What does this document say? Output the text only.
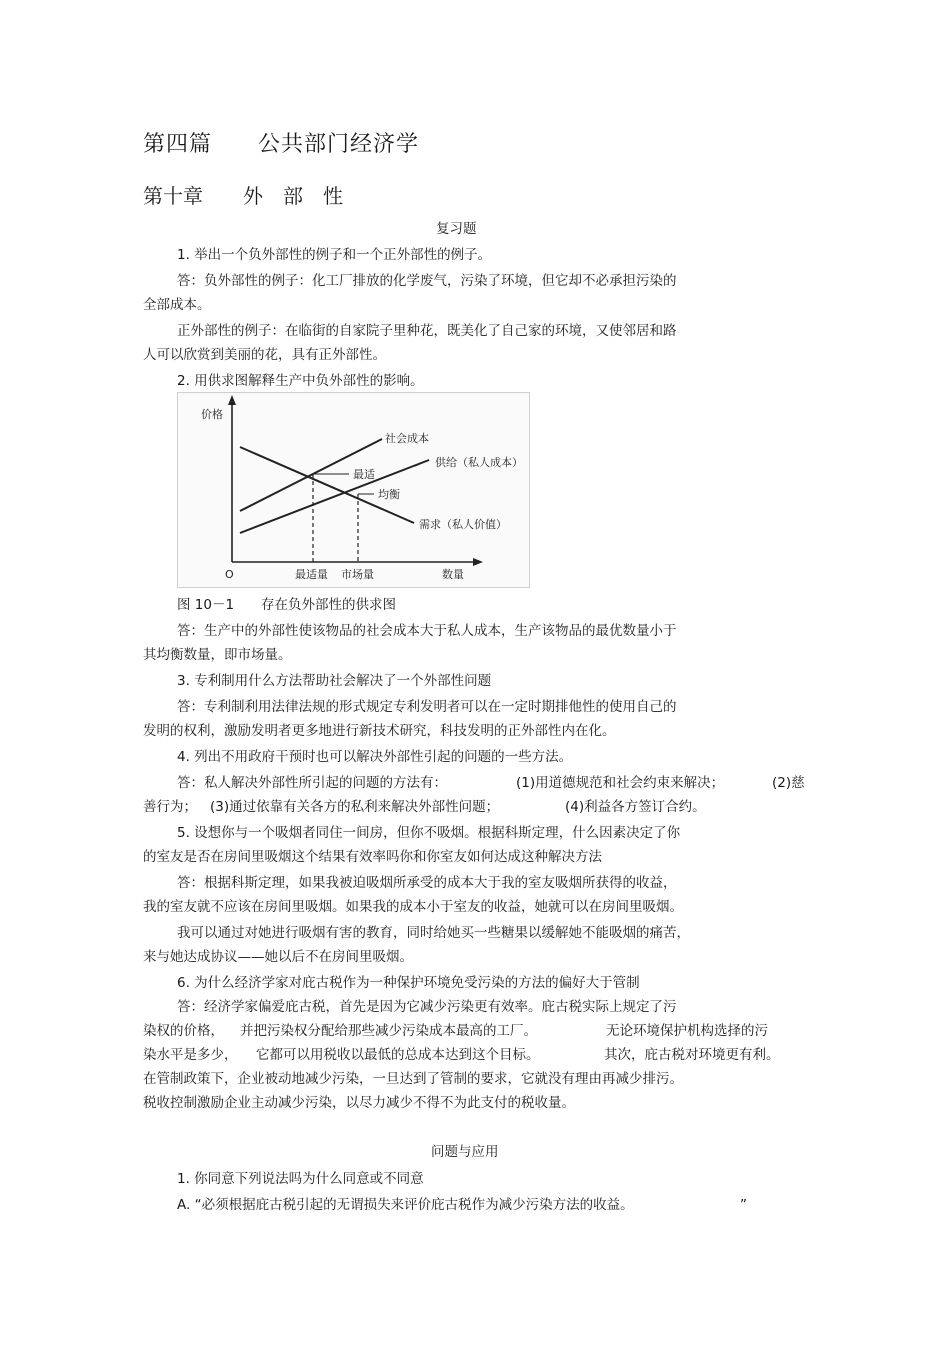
第四篇　　公共部门经济学
第十章　　外　部　性
复习题
1. 举出一个负外部性的例子和一个正外部性的例子。
答：负外部性的例子：化工厂排放的化学废气，污染了环境，但它却不必承担污染的
全部成本。
正外部性的例子：在临街的自家院子里种花，既美化了自己家的环境，又使邻居和路
人可以欣赏到美丽的花，具有正外部性。
2. 用供求图解释生产中负外部性的影响。
价格
O	数量
社会成本
供给（私人成本）
需求（私人价值）
最适
均衡
最适量 市场量
图 10－1　　存在负外部性的供求图
答：生产中的外部性使该物品的社会成本大于私人成本，生产该物品的最优数量小于
其均衡数量，即市场量。
3. 专利制用什么方法帮助社会解决了一个外部性问题
答：专利制利用法律法规的形式规定专利发明者可以在一定时期排他性的使用自己的
发明的权利，激励发明者更多地进行新技术研究，科技发明的正外部性内在化。
4. 列出不用政府干预时也可以解决外部性引起的问题的一些方法。
答：私人解决外部性所引起的问题的方法有：	(1)用道德规范和社会约束来解决；	(2)慈
善行为； (3)通过依靠有关各方的私利来解决外部性问题；	(4)利益各方签订合约。
5. 设想你与一个吸烟者同住一间房，但你不吸烟。根据科斯定理，什么因素决定了你
的室友是否在房间里吸烟这个结果有效率吗你和你室友如何达成这种解决方法
答：根据科斯定理，如果我被迫吸烟所承受的成本大于我的室友吸烟所获得的收益，
我的室友就不应该在房间里吸烟。如果我的成本小于室友的收益，她就可以在房间里吸烟。
我可以通过对她进行吸烟有害的教育，同时给她买一些糖果以缓解她不能吸烟的痛苦，
来与她达成协议——她以后不在房间里吸烟。
6. 为什么经济学家对庇古税作为一种保护环境免受污染的方法的偏好大于管制
答：经济学家偏爱庇古税，首先是因为它减少污染更有效率。庇古税实际上规定了污
染权的价格， 并把污染权分配给那些减少污染成本最高的工厂。	无论环境保护机构选择的污
染水平是多少， 它都可以用税收以最低的总成本达到这个目标。	其次，庇古税对环境更有利。
在管制政策下，企业被动地减少污染，一旦达到了管制的要求，它就没有理由再减少排污。
税收控制激励企业主动减少污染，以尽力减少不得不为此支付的税收量。
问题与应用
1. 你同意下列说法吗为什么同意或不同意
A. “必须根据庇古税引起的无谓损失来评价庇古税作为减少污染方法的收益。	”
